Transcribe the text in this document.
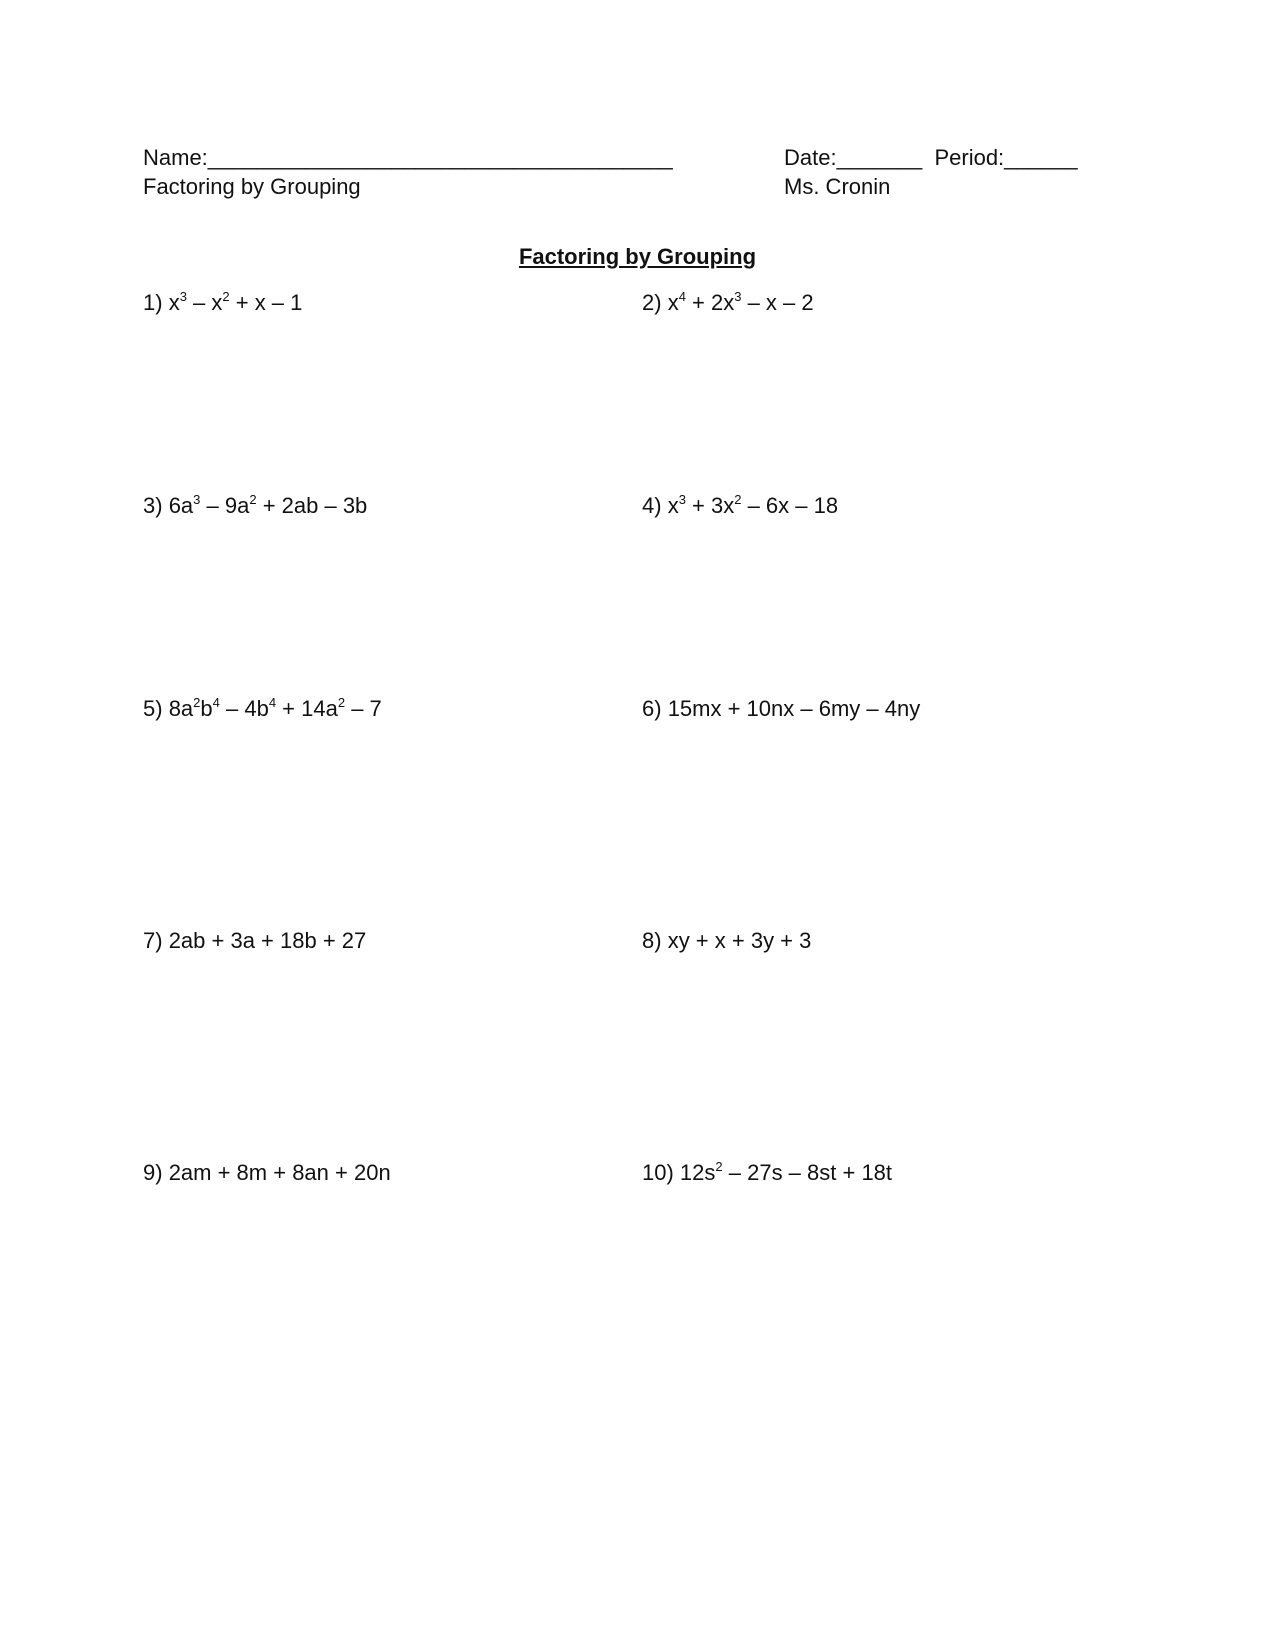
Name:______________________________________
Factoring by Grouping
Date:_______  Period:______
Ms. Cronin
Factoring by Grouping
1) $x^3 - x^2 + x - 1$	2) $x^4 + 2x^3 - x - 2$
3) $6a^3 - 9a^2 + 2ab - 3b$	4) $x^3 + 3x^2 - 6x - 18$
5) $8a^2b^4 - 4b^4 + 14a^2 - 7$	6) 15mx + 10nx – 6my – 4ny
7) 2ab + 3a + 18b + 27	8) xy + x + 3y + 3
9) 2am + 8m + 8an + 20n	10) $12s^2 - 27s - 8st + 18t$
